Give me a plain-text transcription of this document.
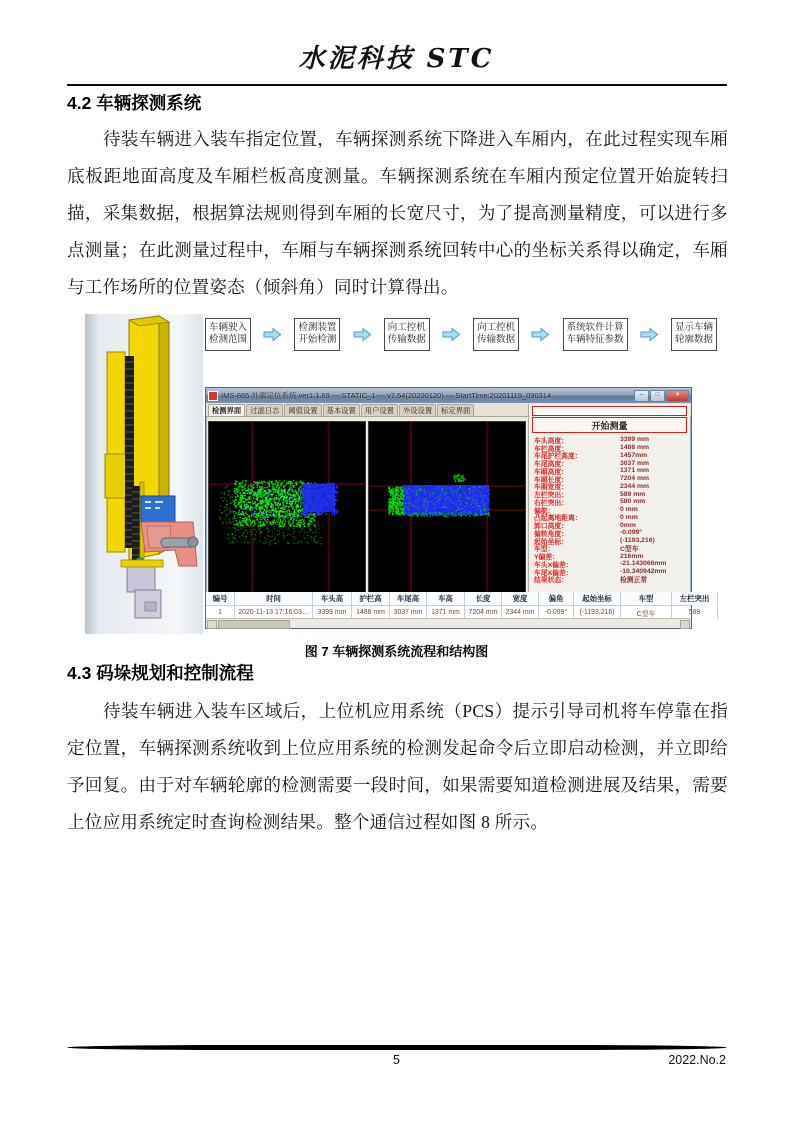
水泥科技 STC
4.2 车辆探测系统
待装车辆进入装车指定位置，车辆探测系统下降进入车厢内，在此过程实现车厢底板距地面高度及车厢栏板高度测量。车辆探测系统在车厢内预定位置开始旋转扫描，采集数据，根据算法规则得到车厢的长宽尺寸，为了提高测量精度，可以进行多点测量；在此测量过程中，车厢与车辆探测系统回转中心的坐标关系得以确定，车厢与工作场所的位置姿态（倾斜角）同时计算得出。
车辆驶入
检测范围
检测装置
开始检测
向工控机
传输数据
向工控机
传输数据
系统软件计算
车辆特征参数
显示车辆
轮廓数据
IMS-865 外廓定位系统 ver1.1.69 --- STATIC_1 --- v7.54(20200120) --- StartTime:20201119_090314	–	□	×
检测界面	过滤日志	阈值设置	基本设置	用户设置	外设设置	标定界面
开始测量
车头高度：	3399 mm
车栏高度：	1488 mm
车尾护栏高度：	1457mm
车尾高度：	3037 mm
车厢高度：	1371 mm
车厢长度：	7204 mm
车厢宽度：	2344 mm
左栏突出：	589 mm
右栏突出：	580 mm
偏航：	0 mm
凸起离地距离：	0 mm
卸口高度：	0mm
偏转角度：	-0.099°
起始坐标：	(-1193,216)
车型：	C型车
Y偏差：	216mm
车头X偏差：	-21.143066mm
车尾X偏差：	-10.340942mm
结果状态：	检测正常
编号	时间	车头高	护栏高	车尾高	车高	长度	宽度	偏角	起始坐标	车型	左栏突出
1	2020-11-13 17:16:03…	3399 mm	1488 mm	3037 mm	1371 mm	7204 mm	2344 mm	-0.099°	(-1193,216)	C型车	589
图 7 车辆探测系统流程和结构图
4.3 码垛规划和控制流程
待装车辆进入装车区域后，上位机应用系统（PCS）提示引导司机将车停靠在指定位置，车辆探测系统收到上位应用系统的检测发起命令后立即启动检测，并立即给予回复。由于对车辆轮廓的检测需要一段时间，如果需要知道检测进展及结果，需要上位应用系统定时查询检测结果。整个通信过程如图 8 所示。
5	2022.No.2
